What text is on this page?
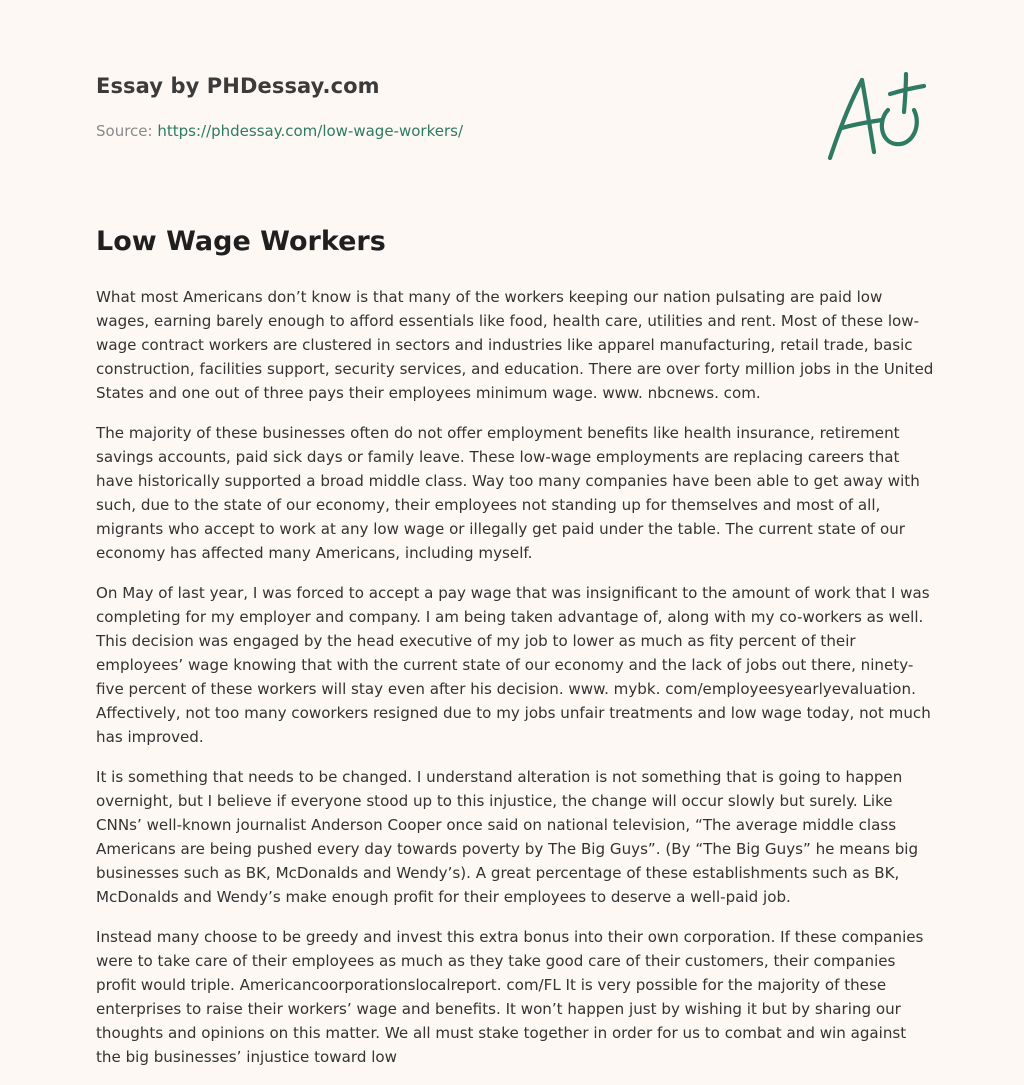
Essay by PHDessay.com

Source: https://phdessay.com/low-wage-workers/

Low Wage Workers

What most Americans don’t know is that many of the workers keeping our nation pulsating are paid low wages, earning barely enough to afford essentials like food, health care, utilities and rent. Most of these low-wage contract workers are clustered in sectors and industries like apparel manufacturing, retail trade, basic construction, facilities support, security services, and education. There are over forty million jobs in the United States and one out of three pays their employees minimum wage. www. nbcnews. com.

The majority of these businesses often do not offer employment benefits like health insurance, retirement savings accounts, paid sick days or family leave. These low-wage employments are replacing careers that have historically supported a broad middle class. Way too many companies have been able to get away with such, due to the state of our economy, their employees not standing up for themselves and most of all, migrants who accept to work at any low wage or illegally get paid under the table. The current state of our economy has affected many Americans, including myself.

On May of last year, I was forced to accept a pay wage that was insignificant to the amount of work that I was completing for my employer and company. I am being taken advantage of, along with my co-workers as well. This decision was engaged by the head executive of my job to lower as much as fity percent of their employees’ wage knowing that with the current state of our economy and the lack of jobs out there, ninety-five percent of these workers will stay even after his decision. www. mybk. com/employeesyearlyevaluation. Affectively, not too many coworkers resigned due to my jobs unfair treatments and low wage today, not much has improved.

It is something that needs to be changed. I understand alteration is not something that is going to happen overnight, but I believe if everyone stood up to this injustice, the change will occur slowly but surely. Like CNNs’ well-known journalist Anderson Cooper once said on national television, “The average middle class Americans are being pushed every day towards poverty by The Big Guys”. (By “The Big Guys” he means big businesses such as BK, McDonalds and Wendy’s). A great percentage of these establishments such as BK, McDonalds and Wendy’s make enough profit for their employees to deserve a well-paid job.

Instead many choose to be greedy and invest this extra bonus into their own corporation. If these companies were to take care of their employees as much as they take good care of their customers, their companies profit would triple. Americancoorporationslocalreport. com/FL It is very possible for the majority of these enterprises to raise their workers’ wage and benefits. It won’t happen just by wishing it but by sharing our thoughts and opinions on this matter. We all must stake together in order for us to combat and win against the big businesses’ injustice toward low
